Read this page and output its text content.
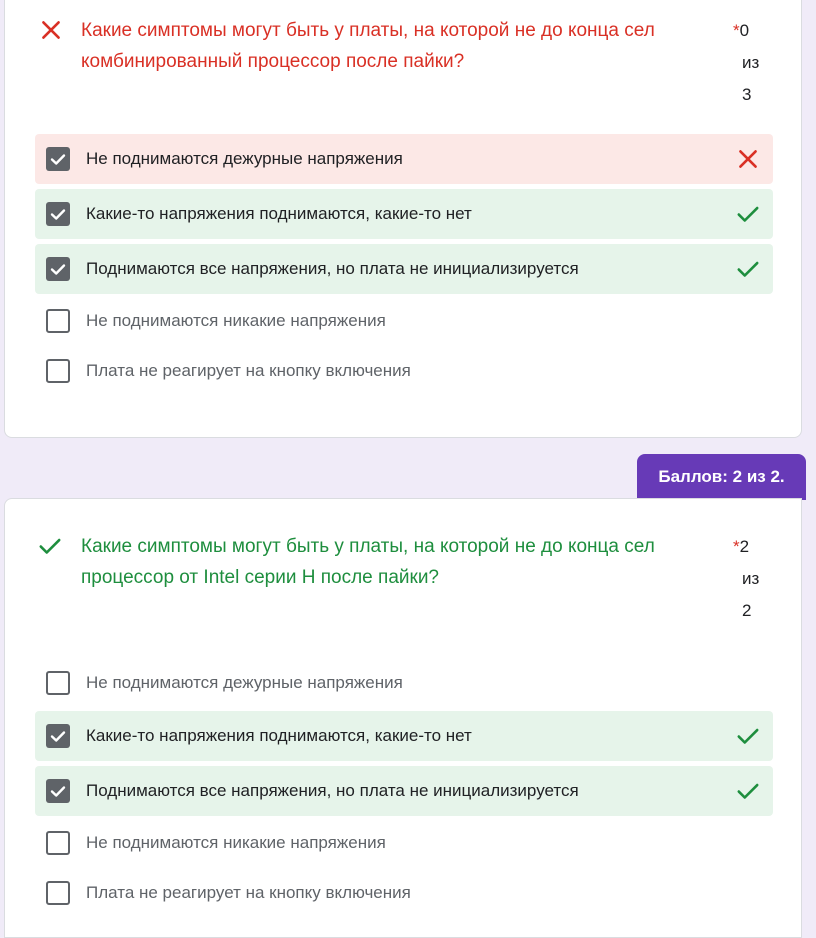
Какие симптомы могут быть у платы, на которой не до конца сел комбинированный процессор после пайки?
*0
из
3
Не поднимаются дежурные напряжения
Какие-то напряжения поднимаются, какие-то нет
Поднимаются все напряжения, но плата не инициализируется
Не поднимаются никакие напряжения
Плата не реагирует на кнопку включения
Баллов: 2 из 2.
Какие симптомы могут быть у платы, на которой не до конца сел процессор от Intel серии H после пайки?
*2
из
2
Не поднимаются дежурные напряжения
Какие-то напряжения поднимаются, какие-то нет
Поднимаются все напряжения, но плата не инициализируется
Не поднимаются никакие напряжения
Плата не реагирует на кнопку включения
